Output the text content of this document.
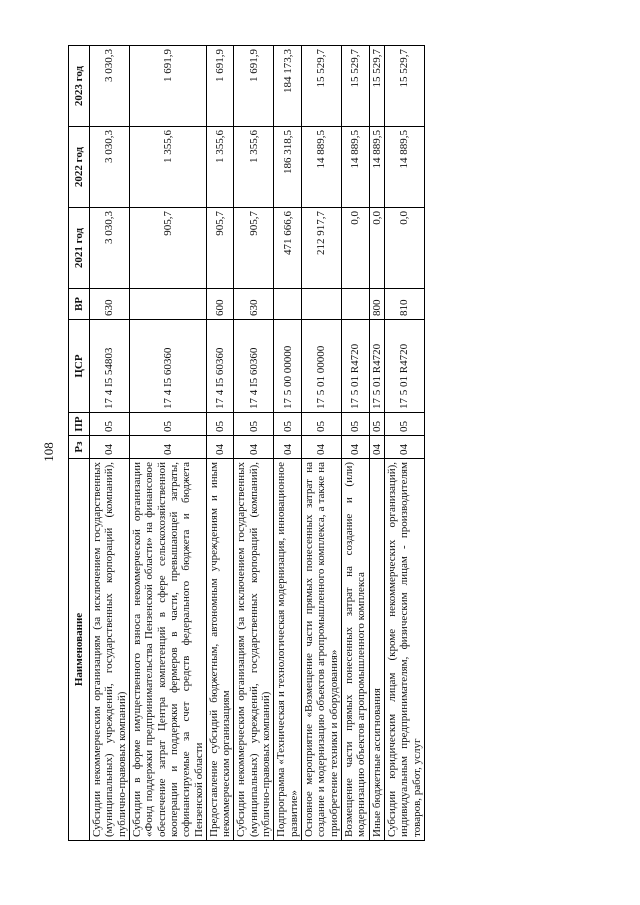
108
Наименование	Рз	ПР	ЦСР	ВР	2021 год	2022 год	2023 год
Субсидии некоммерческим организациям (за исключением государственных (муниципальных) учреждений, государственных корпораций (компаний), публично-правовых компаний)	04	05	17 4 I5 54803	630	3 030,3	3 030,3	3 030,3
Субсидии в форме имущественного взноса некоммерческой организации «Фонд поддержки предпринимательства Пензенской области» на финансовое обеспечение затрат Центра компетенций в сфере сельскохозяйственной кооперации и поддержки фермеров в части, превышающей затраты, софинансируемые за счет средств федерального бюджета и бюджета Пензенской области	04	05	17 4 I5 60360		905,7	1 355,6	1 691,9
Предоставление субсидий бюджетным, автономным учреждениям и иным некоммерческим организациям	04	05	17 4 I5 60360	600	905,7	1 355,6	1 691,9
Субсидии некоммерческим организациям (за исключением государственных (муниципальных) учреждений, государственных корпораций (компаний), публично-правовых компаний)	04	05	17 4 I5 60360	630	905,7	1 355,6	1 691,9
Подпрограмма «Техническая и технологическая модернизация, инновационное развитие»	04	05	17 5 00 00000		471 666,6	186 318,5	184 173,3
Основное мероприятие «Возмещение части прямых понесенных затрат на создание и модернизацию объектов агропромышленного комплекса, а также на приобретение техники и оборудования»	04	05	17 5 01 00000		212 917,7	14 889,5	15 529,7
Возмещение части прямых понесенных затрат на создание и (или) модернизацию объектов агропромышленного комплекса	04	05	17 5 01 R4720		0,0	14 889,5	15 529,7
Иные бюджетные ассигнования	04	05	17 5 01 R4720	800	0,0	14 889,5	15 529,7
Субсидии юридическим лицам (кроме некоммерческих организаций), индивидуальным предпринимателям, физическим лицам - производителям товаров, работ, услуг	04	05	17 5 01 R4720	810	0,0	14 889,5	15 529,7
